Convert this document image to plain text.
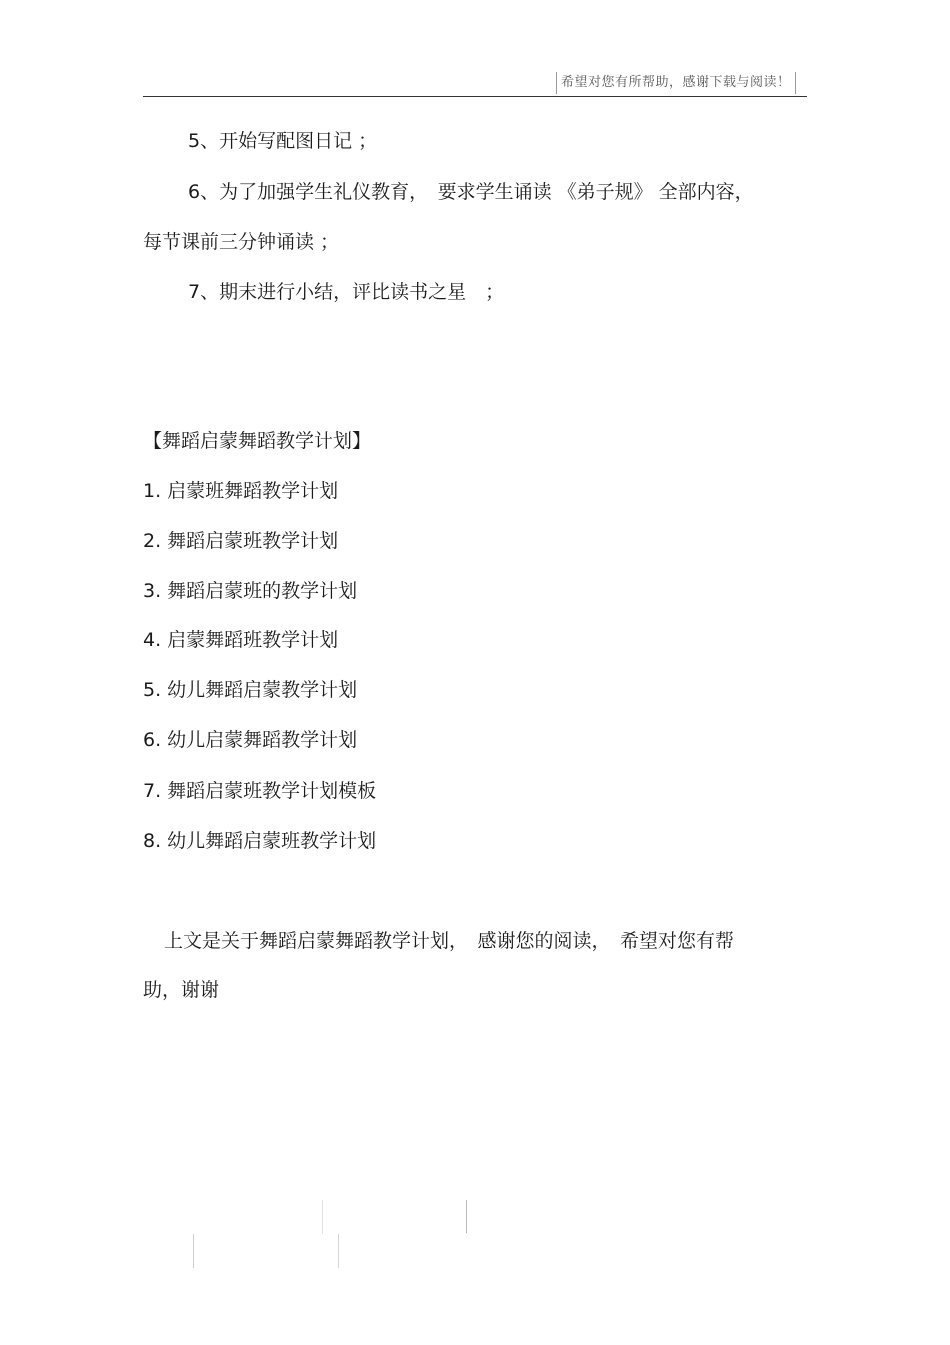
希望对您有所帮助，感谢下载与阅读！
5、开始写配图日记 ；
6、为了加强学生礼仪教育，　要求学生诵读 《弟子规》 全部内容，
每节课前三分钟诵读 ；
7、期末进行小结，评比读书之星　；
【舞蹈启蒙舞蹈教学计划】
1. 启蒙班舞蹈教学计划
2. 舞蹈启蒙班教学计划
3. 舞蹈启蒙班的教学计划
4. 启蒙舞蹈班教学计划
5. 幼儿舞蹈启蒙教学计划
6. 幼儿启蒙舞蹈教学计划
7. 舞蹈启蒙班教学计划模板
8. 幼儿舞蹈启蒙班教学计划
上文是关于舞蹈启蒙舞蹈教学计划，　感谢您的阅读，　希望对您有帮
助，谢谢
